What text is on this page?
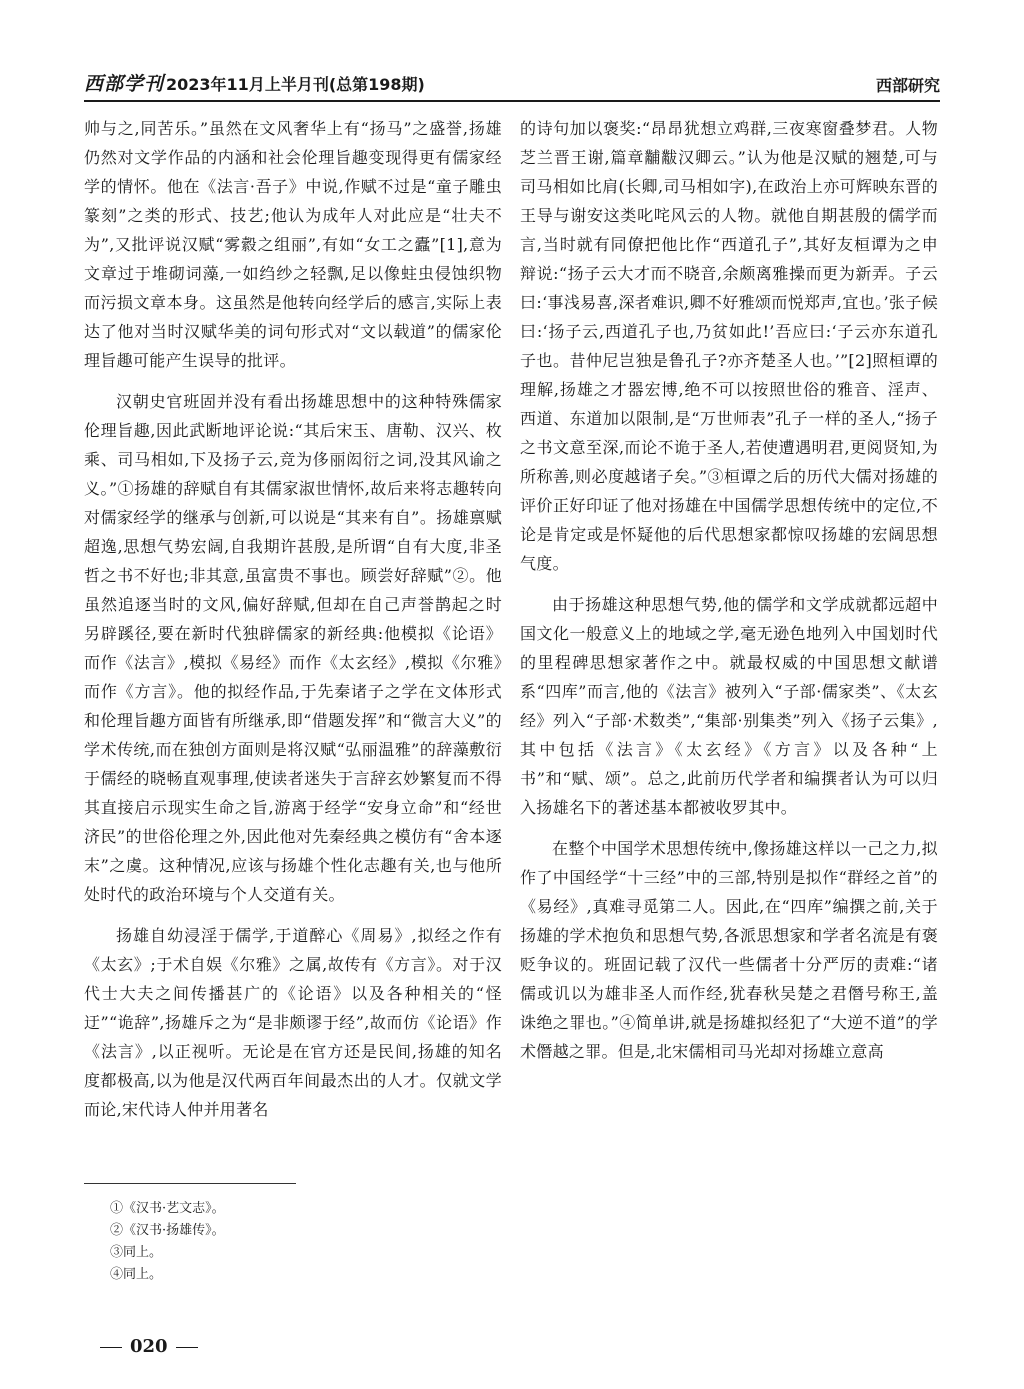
西部学刊 2023年11月上半月刊(总第198期)	西部研究

帅与之,同苦乐。”虽然在文风奢华上有“扬马”之盛誉,扬雄仍然对文学作品的内涵和社会伦理旨趣变现得更有儒家经学的情怀。他在《法言·吾子》中说,作赋不过是“童子雕虫篆刻”之类的形式、技艺;他认为成年人对此应是“壮夫不为”,又批评说汉赋“雾縠之组丽”,有如“女工之蠹”[1],意为文章过于堆砌词藻,一如绉纱之轻飘,足以像蛀虫侵蚀织物而污损文章本身。这虽然是他转向经学后的感言,实际上表达了他对当时汉赋华美的词句形式对“文以载道”的儒家伦理旨趣可能产生误导的批评。

汉朝史官班固并没有看出扬雄思想中的这种特殊儒家伦理旨趣,因此武断地评论说:“其后宋玉、唐勒、汉兴、枚乘、司马相如,下及扬子云,竞为侈丽闳衍之词,没其风谕之义。”①扬雄的辞赋自有其儒家淑世情怀,故后来将志趣转向对儒家经学的继承与创新,可以说是“其来有自”。扬雄禀赋超逸,思想气势宏阔,自我期许甚殷,是所谓“自有大度,非圣哲之书不好也;非其意,虽富贵不事也。顾尝好辞赋”②。他虽然追逐当时的文风,偏好辞赋,但却在自己声誉鹊起之时另辟蹊径,要在新时代独辟儒家的新经典:他模拟《论语》而作《法言》,模拟《易经》而作《太玄经》,模拟《尔雅》而作《方言》。他的拟经作品,于先秦诸子之学在文体形式和伦理旨趣方面皆有所继承,即“借题发挥”和“微言大义”的学术传统,而在独创方面则是将汉赋“弘丽温雅”的辞藻敷衍于儒经的晓畅直观事理,使读者迷失于言辞玄妙繁复而不得其直接启示现实生命之旨,游离于经学“安身立命”和“经世济民”的世俗伦理之外,因此他对先秦经典之模仿有“舍本逐末”之虞。这种情况,应该与扬雄个性化志趣有关,也与他所处时代的政治环境与个人交道有关。

扬雄自幼浸淫于儒学,于道醉心《周易》,拟经之作有《太玄》;于术自娱《尔雅》之属,故传有《方言》。对于汉代士大夫之间传播甚广的《论语》以及各种相关的“怪迂”“诡辞”,扬雄斥之为“是非颇谬于经”,故而仿《论语》作《法言》,以正视听。无论是在官方还是民间,扬雄的知名度都极高,以为他是汉代两百年间最杰出的人才。仅就文学而论,宋代诗人仲并用著名

的诗句加以褒奖:“昂昂犹想立鸡群,三夜寒窗叠梦君。人物芝兰晋王谢,篇章黼黻汉卿云。”认为他是汉赋的翘楚,可与司马相如比肩(长卿,司马相如字),在政治上亦可辉映东晋的王导与谢安这类叱咤风云的人物。就他自期甚殷的儒学而言,当时就有同僚把他比作“西道孔子”,其好友桓谭为之申辩说:“扬子云大才而不晓音,余颇离雅操而更为新弄。子云曰:‘事浅易喜,深者难识,卿不好雅颂而悦郑声,宜也。’张子候曰:‘扬子云,西道孔子也,乃贫如此!’吾应曰:‘子云亦东道孔子也。昔仲尼岂独是鲁孔子?亦齐楚圣人也。’”[2]照桓谭的理解,扬雄之才器宏博,绝不可以按照世俗的雅音、淫声、西道、东道加以限制,是“万世师表”孔子一样的圣人,“扬子之书文意至深,而论不诡于圣人,若使遭遇明君,更阅贤知,为所称善,则必度越诸子矣。”③桓谭之后的历代大儒对扬雄的评价正好印证了他对扬雄在中国儒学思想传统中的定位,不论是肯定或是怀疑他的后代思想家都惊叹扬雄的宏阔思想气度。

由于扬雄这种思想气势,他的儒学和文学成就都远超中国文化一般意义上的地域之学,毫无逊色地列入中国划时代的里程碑思想家著作之中。就最权威的中国思想文献谱系“四库”而言,他的《法言》被列入“子部·儒家类”、《太玄经》列入“子部·术数类”,“集部·别集类”列入《扬子云集》,其中包括《法言》《太玄经》《方言》以及各种“上书”和“赋、颂”。总之,此前历代学者和编撰者认为可以归入扬雄名下的著述基本都被收罗其中。

在整个中国学术思想传统中,像扬雄这样以一己之力,拟作了中国经学“十三经”中的三部,特别是拟作“群经之首”的《易经》,真难寻觅第二人。因此,在“四库”编撰之前,关于扬雄的学术抱负和思想气势,各派思想家和学者名流是有褒贬争议的。班固记载了汉代一些儒者十分严厉的责难:“诸儒或讥以为雄非圣人而作经,犹春秋吴楚之君僭号称王,盖诛绝之罪也。”④简单讲,就是扬雄拟经犯了“大逆不道”的学术僭越之罪。但是,北宋儒相司马光却对扬雄立意高

①《汉书·艺文志》。

②《汉书·扬雄传》。

③同上。

④同上。

020
